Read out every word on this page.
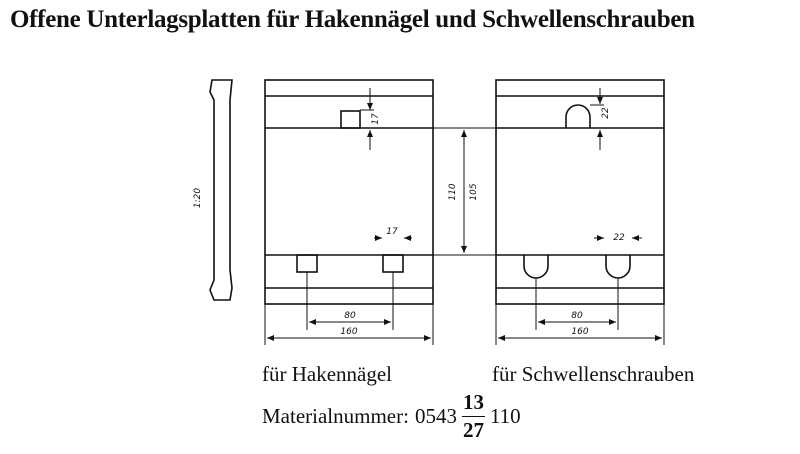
Offene Unterlagsplatten für Hakennägel und Schwellenschrauben
1:20
17
17
80
160
110 105
22
22
80
160
für Hakennägel	für Schwellenschrauben
Materialnummer: $0543 \frac{13}{27} 110$
